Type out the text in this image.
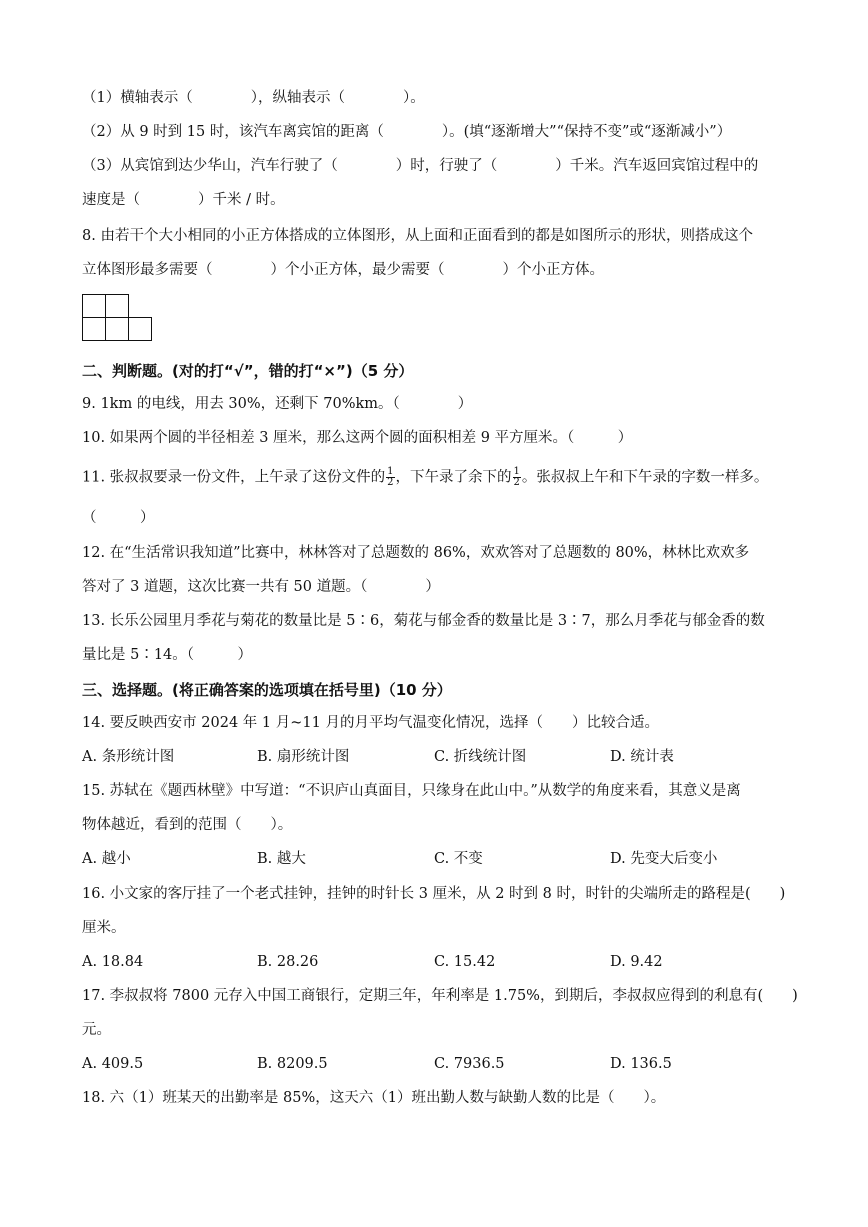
（1）横轴表示（　　　　），纵轴表示（　　　　）。
（2）从 9 时到 15 时，该汽车离宾馆的距离（　　　　）。(填“逐渐增大”“保持不变”或“逐渐减小”）
（3）从宾馆到达少华山，汽车行驶了（　　　　）时，行驶了（　　　　）千米。汽车返回宾馆过程中的
速度是（　　　　）千米 / 时。
8. 由若干个大小相同的小正方体搭成的立体图形，从上面和正面看到的都是如图所示的形状，则搭成这个
立体图形最多需要（　　　　）个小正方体，最少需要（　　　　）个小正方体。
二、判断题。(对的打“√”，错的打“×”)（5 分）
9. 1km 的电线，用去 30%，还剩下 70%km。（　　　　）
10. 如果两个圆的半径相差 3 厘米，那么这两个圆的面积相差 9 平方厘米。（　　　）
11. 张叔叔要录一份文件，上午录了这份文件的 $\frac{1}{2}$ ，下午录了余下的 $\frac{1}{2}$ 。张叔叔上午和下午录的字数一样多。
（　　　）
12. 在“生活常识我知道”比赛中，林林答对了总题数的 86%，欢欢答对了总题数的 80%，林林比欢欢多
答对了 3 道题，这次比赛一共有 50 道题。（　　　　）
13. 长乐公园里月季花与菊花的数量比是 5∶6，菊花与郁金香的数量比是 3∶7，那么月季花与郁金香的数
量比是 5∶14。（　　　）
三、选择题。(将正确答案的选项填在括号里)（10 分）
14. 要反映西安市 2024 年 1 月~11 月的月平均气温变化情况，选择（　　）比较合适。
A. 条形统计图	B. 扇形统计图	C. 折线统计图	D. 统计表
15. 苏轼在《题西林壁》中写道：“不识庐山真面目，只缘身在此山中。”从数学的角度来看，其意义是离
物体越近，看到的范围（　　）。
A. 越小	B. 越大	C. 不变	D. 先变大后变小
16. 小文家的客厅挂了一个老式挂钟，挂钟的时针长 3 厘米，从 2 时到 8 时，时针的尖端所走的路程是(　　)
厘米。
A. 18.84	B. 28.26	C. 15.42	D. 9.42
17. 李叔叔将 7800 元存入中国工商银行，定期三年，年利率是 1.75%，到期后，李叔叔应得到的利息有(　　)
元。
A. 409.5	B. 8209.5	C. 7936.5	D. 136.5
18. 六（1）班某天的出勤率是 85%，这天六（1）班出勤人数与缺勤人数的比是（　　）。
